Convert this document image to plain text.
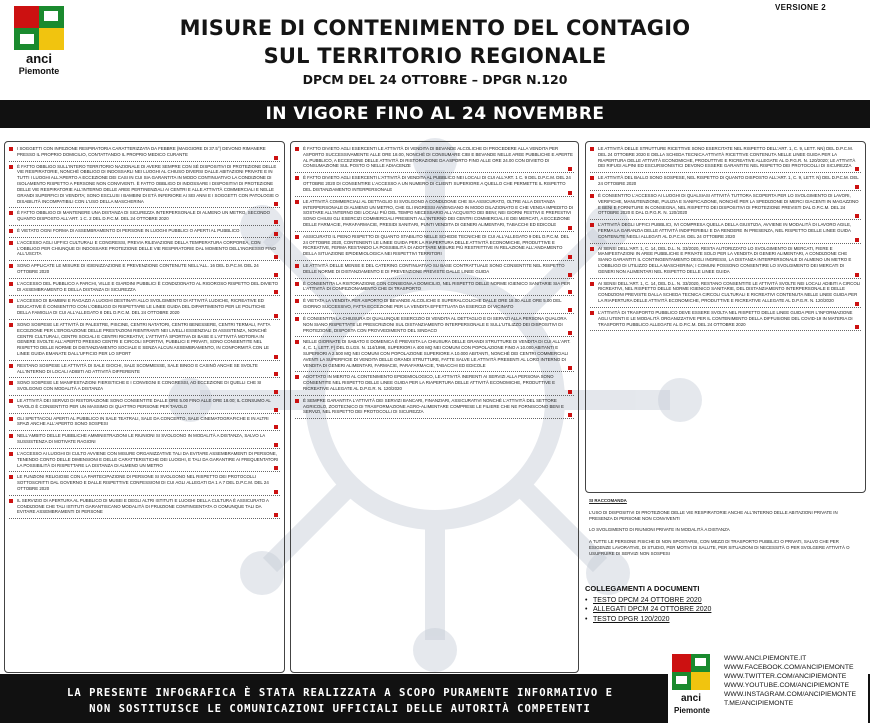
anci
Piemonte
VERSIONE 2
MISURE DI CONTENIMENTO DEL CONTAGIO
SUL TERRITORIO REGIONALE
DPCM DEL 24 OTTOBRE – DPGR N.120
IN VIGORE FINO AL 24 NOVEMBRE
I SOGGETTI CON INFEZIONE RESPIRATORIA CARATTERIZZATA DA FEBBRE (MAGGIORE DI 37.5°) DEVONO RIMANERE PRESSO IL PROPRIO DOMICILIO, CONTATTANDO IL PROPRIO MEDICO CURANTE
È FATTO OBBLIGO SULL'INTERO TERRITORIO NAZIONALE DI AVERE SEMPRE CON SÉ DISPOSITIVI DI PROTEZIONE DELLE VIE RESPIRATORIE, NONCHÉ OBBLIGO DI INDOSSARLI NEI LUOGHI AL CHIUSO DIVERSI DALLE ABITAZIONI PRIVATE E IN TUTTI I LUOGHI ALL'APERTO A ECCEZIONE DEI CASI IN CUI SIA GARANTITA IN MODO CONTINUATIVO LA CONDIZIONE DI ISOLAMENTO RISPETTO A PERSONE NON CONVIVENTI. È FATTO OBBLIGO DI INDOSSARE I DISPOSITIVI DI PROTEZIONE DELLE VIE RESPIRATORIE ALL'INTERNO DELLE AREE PERTINENZIALI AI CENTRI E ALLE ATTIVITÀ COMMERCIALI E NELLE GRANDI SUPERFICI DI VENDITA; SONO ESCLUSI I BAMBINI DI ETÀ INFERIORE AI SEI ANNI E I SOGGETTI CON PATOLOGIE O DISABILITÀ INCOMPATIBILI CON L'USO DELLA MASCHERINA
È FATTO OBBLIGO DI MANTENERE UNA DISTANZA DI SICUREZZA INTERPERSONALE DI ALMENO UN METRO, SECONDO QUANTO DISPOSTO ALL'ART. 1 C. 2 DEL D.P.C.M. DEL 24 OTTOBRE 2020
È VIETATO OGNI FORMA DI ASSEMBRAMENTO DI PERSONE IN LUOGHI PUBBLICI O APERTI AL PUBBLICO
L'ACCESSO AGLI UFFICI CULTURALI E CONGRESSI, PREVIA RILEVAZIONE DELLA TEMPERATURA CORPOREA, CON L'OBBLIGO PER CHIUNQUE DI INDOSSARE PROTEZIONE DELLE VIE RESPIRATORIE DAL MOMENTO DELL'INGRESSO FINO ALL'USCITA
SONO APPLICATE LE MISURE DI IGIENIZZAZIONE E PREVENZIONE CONTENUTE NELL'ALL. 16 DEL D.P.C.M. DEL 24 OTTOBRE 2020
L'ACCESSO DEL PUBBLICO A PARCHI, VILLE E GIARDINI PUBBLICI È CONDIZIONATO AL RIGOROSO RISPETTO DEL DIVIETO DI ASSEMBRAMENTO E DELLA DISTANZA DI SICUREZZA
L'ACCESSO DI BAMBINI E RAGAZZI A LUOGHI DESTINATI ALLO SVOLGIMENTO DI ATTIVITÀ LUDICHE, RICREATIVE ED EDUCATIVE È CONSENTITO CON L'OBBLIGO DI RISPETTARE LE LINEE GUIDA DEL DIPARTIMENTO PER LE POLITICHE DELLA FAMIGLIA DI CUI ALL'ALLEGATO 8 DEL D.P.C.M. DEL 24 OTTOBRE 2020
SONO SOSPESE LE ATTIVITÀ DI PALESTRE, PISCINE, CENTRI NATATORI, CENTRI BENESSERE, CENTRI TERMALI, FATTA ECCEZIONE PER L'EROGAZIONE DELLE PRESTAZIONI RIENTRANTI NEI LIVELLI ESSENZIALI DI ASSISTENZA, NONCHÉ CENTRI CULTURALI, CENTRI SOCIALI E CENTRI RICREATIVI; L'ATTIVITÀ SPORTIVA DI BASE E L'ATTIVITÀ MOTORIA IN GENERE SVOLTE ALL'APERTO PRESSO CENTRI E CIRCOLI SPORTIVI, PUBBLICI E PRIVATI, SONO CONSENTITE NEL RISPETTO DELLE NORME DI DISTANZIAMENTO SOCIALE E SENZA ALCUN ASSEMBRAMENTO, IN CONFORMITÀ CON LE LINEE GUIDA EMANATE DALL'UFFICIO PER LO SPORT
RESTANO SOSPESE LE ATTIVITÀ DI SALE GIOCHI, SALE SCOMMESSE, SALE BINGO E CASINÒ ANCHE SE SVOLTE ALL'INTERNO DI LOCALI ADIBITI AD ATTIVITÀ DIFFERENTE
SONO SOSPESE LE MANIFESTAZIONI FIERISTICHE E I CONVEGNI E CONGRESSI, AD ECCEZIONE DI QUELLI CHE SI SVOLGONO CON MODALITÀ A DISTANZA
LE ATTIVITÀ DEI SERVIZI DI RISTORAZIONE SONO CONSENTITE DALLE ORE 5.00 FINO ALLE ORE 18.00; IL CONSUMO AL TAVOLO È CONSENTITO PER UN MASSIMO DI QUATTRO PERSONE PER TAVOLO
GLI SPETTACOLI APERTI AL PUBBLICO IN SALE TEATRALI, SALE DA CONCERTO, SALE CINEMATOGRAFICHE E IN ALTRI SPAZI ANCHE ALL'APERTO SONO SOSPESI
NELL'AMBITO DELLE PUBBLICHE AMMINISTRAZIONI LE RIUNIONI SI SVOLGONO IN MODALITÀ A DISTANZA, SALVO LA SUSSISTENZA DI MOTIVATE RAGIONI
L'ACCESSO AI LUOGHI DI CULTO AVVIENE CON MISURE ORGANIZZATIVE TALI DA EVITARE ASSEMBRAMENTI DI PERSONE, TENENDO CONTO DELLE DIMENSIONI E DELLE CARATTERISTICHE DEI LUOGHI, E TALI DA GARANTIRE AI FREQUENTATORI LA POSSIBILITÀ DI RISPETTARE LA DISTANZA DI ALMENO UN METRO
LE FUNZIONI RELIGIOSE CON LA PARTECIPAZIONE DI PERSONE SI SVOLGONO NEL RISPETTO DEI PROTOCOLLI SOTTOSCRITTI DAL GOVERNO E DALLE RISPETTIVE CONFESSIONI DI CUI AGLI ALLEGATI DA 1 A 7 DEL D.P.C.M. DEL 24 OTTOBRE 2020
IL SERVIZIO DI APERTURA AL PUBBLICO DI MUSEI E DEGLI ALTRI ISTITUTI E LUOGHI DELLA CULTURA È ASSICURATO A CONDIZIONE CHE TALI ISTITUTI GARANTISCANO MODALITÀ DI FRUIZIONE CONTINGENTATA O COMUNQUE TALI DA EVITARE ASSEMBRAMENTI DI PERSONE
È FATTO DIVIETO AGLI ESERCENTI LE ATTIVITÀ DI VENDITA DI BEVANDE ALCOLICHE DI PROCEDERE ALLA VENDITA PER ASPORTO SUCCESSIVAMENTE ALLE ORE 18.00, NONCHÉ DI CONSUMARE CIBI E BEVANDE NELLE AREE PUBBLICHE E APERTE AL PUBBLICO, A ECCEZIONE DELLE ATTIVITÀ DI RISTORAZIONE DA ASPORTO FINO ALLE ORE 24.00 CON DIVIETO DI CONSUMAZIONE SUL POSTO O NELLE ADIACENZE
È FATTO DIVIETO AGLI ESERCENTI L'ATTIVITÀ DI VENDITA AL PUBBLICO NEI LOCALI DI CUI ALL'ART. 1 C. 9 DEL D.P.C.M. DEL 24 OTTOBRE 2020 DI CONSENTIRE L'ACCESSO A UN NUMERO DI CLIENTI SUPERIORE A QUELLO CHE PERMETTE IL RISPETTO DEL DISTANZIAMENTO INTERPERSONALE
LE ATTIVITÀ COMMERCIALI AL DETTAGLIO SI SVOLGONO A CONDIZIONE CHE SIA ASSICURATO, OLTRE ALLA DISTANZA INTERPERSONALE DI ALMENO UN METRO, CHE GLI INGRESSI AVVENGANO IN MODO DILAZIONATO E CHE VENGA IMPEDITO DI SOSTARE ALL'INTERNO DEI LOCALI PIÙ DEL TEMPO NECESSARIO ALL'ACQUISTO DEI BENI; NEI GIORNI FESTIVI E PREFESTIVI SONO CHIUSI GLI ESERCIZI COMMERCIALI PRESENTI ALL'INTERNO DEI CENTRI COMMERCIALI E DEI MERCATI, A ECCEZIONE DELLE FARMACIE, PARAFARMACIE, PRESIDI SANITARI, PUNTI VENDITA DI GENERI ALIMENTARI, TABACCHI ED EDICOLE
ASSICURATO IL PIENO RISPETTO DI QUANTO STABILITO NELLE SCHEDE TECNICHE DI CUI ALL'ALLEGATO 9 DEL D.P.C.M. DEL 24 OTTOBRE 2020, CONTENENTI LE LINEE GUIDA PER LA RIAPERTURA DELLE ATTIVITÀ ECONOMICHE, PRODUTTIVE E RICREATIVE, FERMA RESTANDO LA POSSIBILITÀ DI ADOTTARE MISURE PIÙ RESTRITTIVE IN RELAZIONE ALL'ANDAMENTO DELLA SITUAZIONE EPIDEMIOLOGICA NEI RISPETTIVI TERRITORI
LE ATTIVITÀ DELLE MENSE E DEL CATERING CONTINUATIVO SU BASE CONTRATTUALE SONO CONSENTITE NEL RISPETTO DELLE NORME DI DISTANZIAMENTO E DI PREVENZIONE PREVISTE DALLE LINEE GUIDA
È CONSENTITA LA RISTORAZIONE CON CONSEGNA A DOMICILIO, NEL RISPETTO DELLE NORME IGIENICO SANITARIE SIA PER L'ATTIVITÀ DI CONFEZIONAMENTO CHE DI TRASPORTO
È VIETATA LA VENDITA PER ASPORTO DI BEVANDE ALCOLICHE E SUPERALCOLICHE DALLE ORE 18.00 ALLE ORE 5.00 DEL GIORNO SUCCESSIVO, FATTA ECCEZIONE PER LA VENDITA EFFETTUATA DA ESERCIZI DI VICINATO
È CONSENTITA LA CHIUSURA DI QUALUNQUE ESERCIZIO DI VENDITA AL DETTAGLIO E DI SERVIZI ALLA PERSONA QUALORA NON SIANO RISPETTATE LE PRESCRIZIONI SUL DISTANZIAMENTO INTERPERSONALE E SULL'UTILIZZO DEI DISPOSITIVI DI PROTEZIONE, DISPOSTA CON PROVVEDIMENTO DEL SINDACO
NELLE GIORNATE DI SABATO E DOMENICA È PREVISTA LA CHIUSURA DELLE GRANDI STRUTTURE DI VENDITA DI CUI ALL'ART. 4, C. 1, LETT. F) DEL D.LGS. N. 114/1998, SUPERIORI A 400 MQ NEI COMUNI CON POPOLAZIONE FINO A 10.000 ABITANTI E SUPERIORI A 2.500 MQ NEI COMUNI CON POPOLAZIONE SUPERIORE A 10.000 ABITANTI, NONCHÉ DEI CENTRI COMMERCIALI AVENTI LA SUPERFICIE DI VENDITA DELLE GRANDI STRUTTURE, FATTE SALVE LE ATTIVITÀ PRESENTI AL LORO INTERNO DI VENDITA DI GENERI ALIMENTARI, FARMACIE, PARAFARMACIE, TABACCHI ED EDICOLE
ADOTTATO IN MERITO AL CONTENIMENTO EPIDEMIOLOGICO, LE ATTIVITÀ INERENTI AI SERVIZI ALLA PERSONA SONO CONSENTITE NEL RISPETTO DELLE LINEE GUIDA PER LA RIAPERTURA DELLE ATTIVITÀ ECONOMICHE, PRODUTTIVE E RICREATIVE ALLEGATE AL D.P.G.R. N. 120/2020
È SEMPRE GARANTITA L'ATTIVITÀ DEI SERVIZI BANCARI, FINANZIARI, ASSICURATIVI NONCHÉ L'ATTIVITÀ DEL SETTORE AGRICOLO, ZOOTECNICO DI TRASFORMAZIONE AGRO-ALIMENTARE COMPRESE LE FILIERE CHE NE FORNISCONO BENI E SERVIZI, NEL RISPETTO DEI PROTOCOLLI DI SICUREZZA
LE ATTIVITÀ DELLE STRUTTURE RICETTIVE SONO ESERCITATE NEL RISPETTO DELL'ART. 1, C. 9, LETT. NN) DEL D.P.C.M. DEL 24 OTTOBRE 2020 E DELLA SCHEDA TECNICA ATTIVITÀ RICETTIVE CONTENUTA NELLE LINEE GUIDA PER LA RIAPERTURA DELLE ATTIVITÀ ECONOMICHE, PRODUTTIVE E RICREATIVE ALLEGATE AL D.P.G.R. N. 120/2020; LE ATTIVITÀ DEI RIFUGI ALPINI ED ESCURSIONISTICI DEVONO ESSERE GARANTITE NEL RISPETTO DEI PROTOCOLLI DI SICUREZZA
LE ATTIVITÀ DEL BALLO SONO SOSPESE, NEL RISPETTO DI QUANTO DISPOSTO ALL'ART. 1, C. 9, LETT. N) DEL D.P.C.M. DEL 24 OTTOBRE 2020
È CONSENTITO L'ACCESSO AI LUOGHI DI QUALSIASI ATTIVITÀ TUTTORA SCOPERTA PER LO SVOLGIMENTO DI LAVORI, VERIFICHE, MANUTENZIONE, PULIZIA E SANIFICAZIONE, NONCHÉ PER LA SPEDIZIONE DI MERCI GIACENTI IN MAGAZZINO E BENI E FORNITURE IN CONSEGNA, NEL RISPETTO DEI DISPOSITIVI DI PROTEZIONE PREVISTI DAL D.P.C.M. DEL 24 OTTOBRE 2020 E DAL D.P.G.R. N. 120/2020
L'ATTIVITÀ DEGLI UFFICI PUBBLICI, IVI COMPRESA QUELLA DELLA GIUSTIZIA, AVVIENE IN MODALITÀ DI LAVORO AGILE, FERMA LA GARANZIA DELLE ATTIVITÀ INDIFFERIBILI E DA RENDERE IN PRESENZA, NEL RISPETTO DELLE LINEE GUIDA CONTENUTE NEGLI ALLEGATI AL D.P.C.M. DEL 24 OTTOBRE 2020
AI SENSI DELL'ART. 1, C. 14, DEL D.L. N. 33/2020, RESTA AUTORIZZATO LO SVOLGIMENTO DI MERCATI, FIERE E MANIFESTAZIONI IN AREE PUBBLICHE E PRIVATE SOLO PER LA VENDITA DI GENERI ALIMENTARI, A CONDIZIONE CHE SIANO GARANTITI IL CONTINGENTAMENTO DEGLI INGRESSI, LA DISTANZA INTERPERSONALE DI ALMENO UN METRO E L'OBBLIGO DI UTILIZZO DELLA MASCHERINA; I COMUNI POSSONO CONSENTIRE LO SVOLGIMENTO DEI MERCATI DI GENERI NON ALIMENTARI NEL RISPETTO DELLE LINEE GUIDA
AI SENSI DELL'ART. 1, C. 14, DEL D.L. N. 33/2020, RESTANO CONSENTITE LE ATTIVITÀ SVOLTE NEI LOCALI ADIBITI A CIRCOLI RICREATIVI, NEL RISPETTO DELLE NORME IGIENICO SANITARIE, DEL DISTANZIAMENTO INTERPERSONALE E DELLE CONDIZIONI PREVISTE DALLA SCHEDA TECNICA CIRCOLI CULTURALI E RICREATIVI CONTENUTA NELLE LINEE GUIDA PER LA RIAPERTURA DELLE ATTIVITÀ ECONOMICHE, PRODUTTIVE E RICREATIVE ALLEGATE AL D.P.G.R. N. 120/2020
L'ATTIVITÀ DI TRASPORTO PUBBLICO DEVE ESSERE SVOLTA NEL RISPETTO DELLE LINEE GUIDA PER L'INFORMAZIONE AGLI UTENTI E LE MODALITÀ ORGANIZZATIVE PER IL CONTENIMENTO DELLA DIFFUSIONE DEL COVID-19 IN MATERIA DI TRASPORTO PUBBLICO ALLEGATE AL D.P.C.M. DEL 24 OTTOBRE 2020
SI RACCOMANDA
L'USO DI DISPOSITIVI DI PROTEZIONE DELLE VIE RESPIRATORIE ANCHE ALL'INTERNO DELLE ABITAZIONI PRIVATE IN PRESENZA DI PERSONE NON CONVIVENTI
LO SVOLGIMENTO DI RIUNIONI PRIVATE IN MODALITÀ A DISTANZA
A TUTTE LE PERSONE FISICHE DI NON SPOSTARSI, CON MEZZI DI TRASPORTO PUBBLICI O PRIVATI, SALVO CHE PER ESIGENZE LAVORATIVE, DI STUDIO, PER MOTIVI DI SALUTE, PER SITUAZIONI DI NECESSITÀ O PER SVOLGERE ATTIVITÀ O USUFRUIRE DI SERVIZI NON SOSPESI
COLLEGAMENTI A DOCUMENTI
• TESTO DPCM 24 OTTOBRE 2020
• ALLEGATI DPCM 24 OTTOBRE 2020
• TESTO DPGR 120/2020
LA PRESENTE INFOGRAFICA È STATA REALIZZATA A SCOPO PURAMENTE INFORMATIVO E
NON SOSTITUISCE LE COMUNICAZIONI UFFICIALI DELLE AUTORITÀ COMPETENTI
anci
Piemonte
WWW.ANCI.PIEMONTE.IT
WWW.FACEBOOK.COM/ANCIPIEMONTE
WWW.TWITTER.COM/ANCIPIEMONTE
WWW.YOUTUBE.COM/ANCIPIEMONTE
WWW.INSTAGRAM.COM/ANCIPIEMONTE
T.ME/ANCIPIEMONTE
